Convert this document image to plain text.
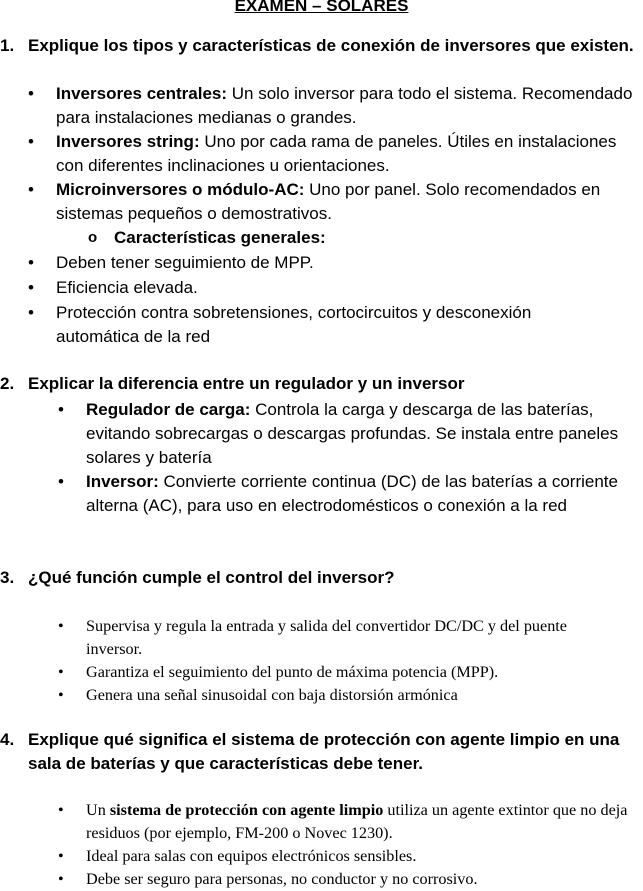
EXAMEN – SOLARES
1. Explique los tipos y características de conexión de inversores que existen.
•	Inversores centrales: Un solo inversor para todo el sistema. Recomendado para instalaciones medianas o grandes.
•	Inversores string: Uno por cada rama de paneles. Útiles en instalaciones con diferentes inclinaciones u orientaciones.
•	Microinversores o módulo-AC: Uno por panel. Solo recomendados en sistemas pequeños o demostrativos.
o Características generales:
•	Deben tener seguimiento de MPP.
•	Eficiencia elevada.
•	Protección contra sobretensiones, cortocircuitos y desconexión automática de la red
2. Explicar la diferencia entre un regulador y un inversor
•	Regulador de carga: Controla la carga y descarga de las baterías, evitando sobrecargas o descargas profundas. Se instala entre paneles solares y batería
•	Inversor: Convierte corriente continua (DC) de las baterías a corriente alterna (AC), para uso en electrodomésticos o conexión a la red
3. ¿Qué función cumple el control del inversor?
•	Supervisa y regula la entrada y salida del convertidor DC/DC y del puente inversor.
•	Garantiza el seguimiento del punto de máxima potencia (MPP).
•	Genera una señal sinusoidal con baja distorsión armónica
4. Explique qué significa el sistema de protección con agente limpio en una sala de baterías y que características debe tener.
•	Un sistema de protección con agente limpio utiliza un agente extintor que no deja residuos (por ejemplo, FM-200 o Novec 1230).
•	Ideal para salas con equipos electrónicos sensibles.
•	Debe ser seguro para personas, no conductor y no corrosivo.
